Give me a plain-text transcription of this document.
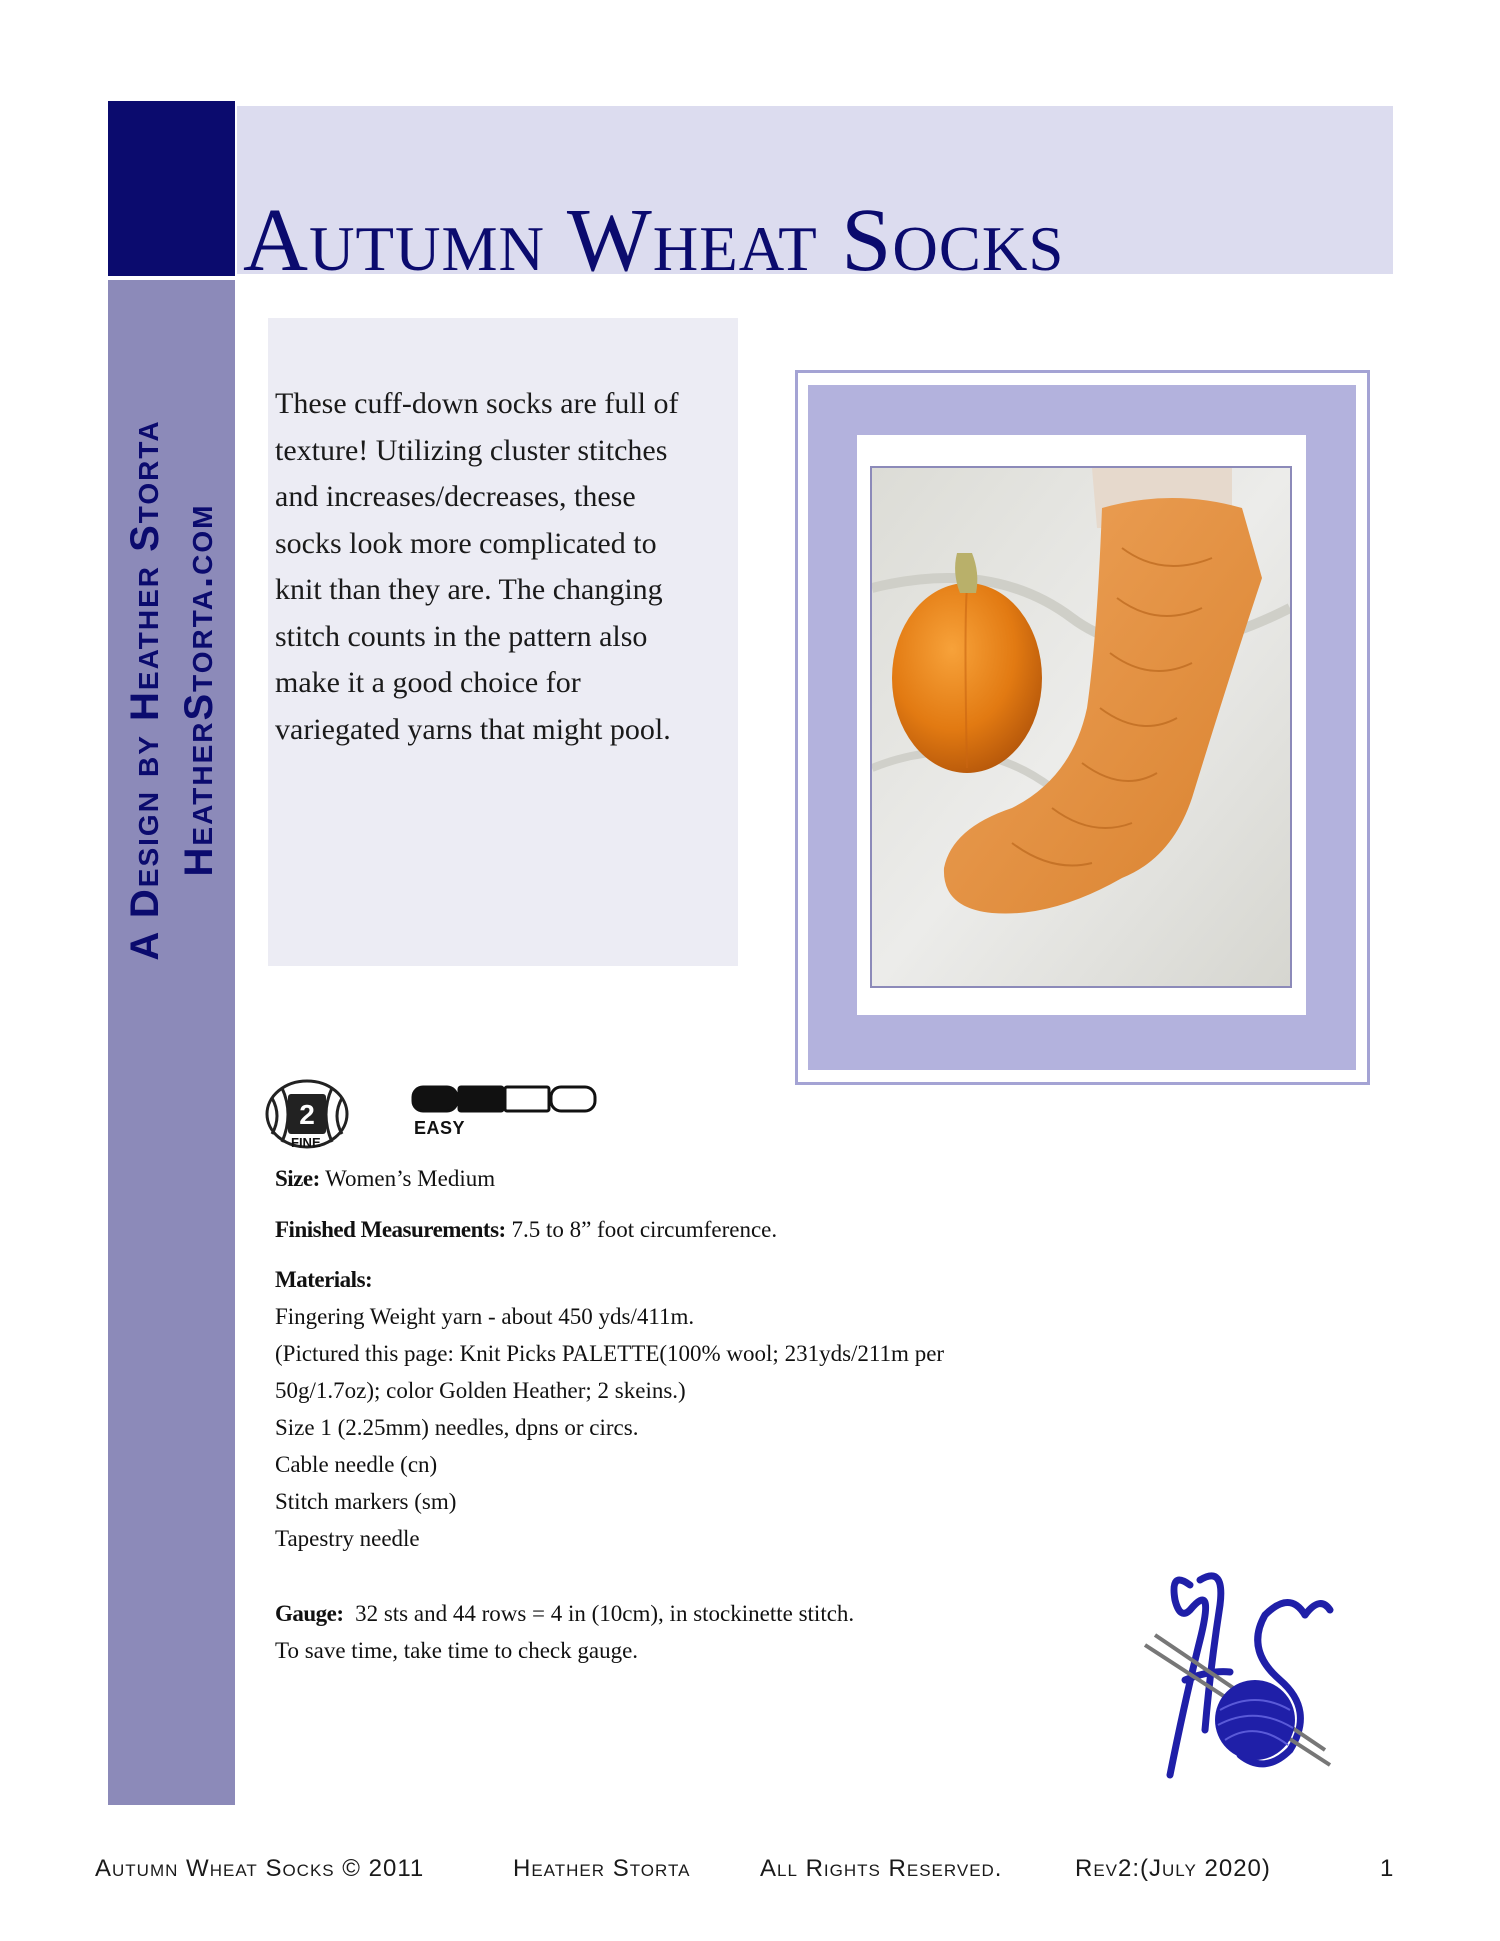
A Design by Heather Storta HeatherStorta.com
Autumn Wheat Socks

These cuff-down socks are full of
texture! Utilizing cluster stitches
and increases/decreases, these
socks look more complicated to
knit than they are. The changing
stitch counts in the pattern also
make it a good choice for
variegated yarns that might pool.

2
FINE
EASY

Size: Women’s Medium

Finished Measurements: 7.5 to 8” foot circumference.

Materials:

Fingering Weight yarn - about 450 yds/411m.

(Pictured this page: Knit Picks PALETTE(100% wool; 231yds/211m per

50g/1.7oz); color Golden Heather; 2 skeins.)

Size 1 (2.25mm) needles, dpns or circs.

Cable needle (cn)

Stitch markers (sm)

Tapestry needle

Gauge: 32 sts and 44 rows = 4 in (10cm), in stockinette stitch.

To save time, take time to check gauge.

Autumn Wheat Socks © 2011	Heather Storta	All Rights Reserved.	Rev2:(July 2020)	1
